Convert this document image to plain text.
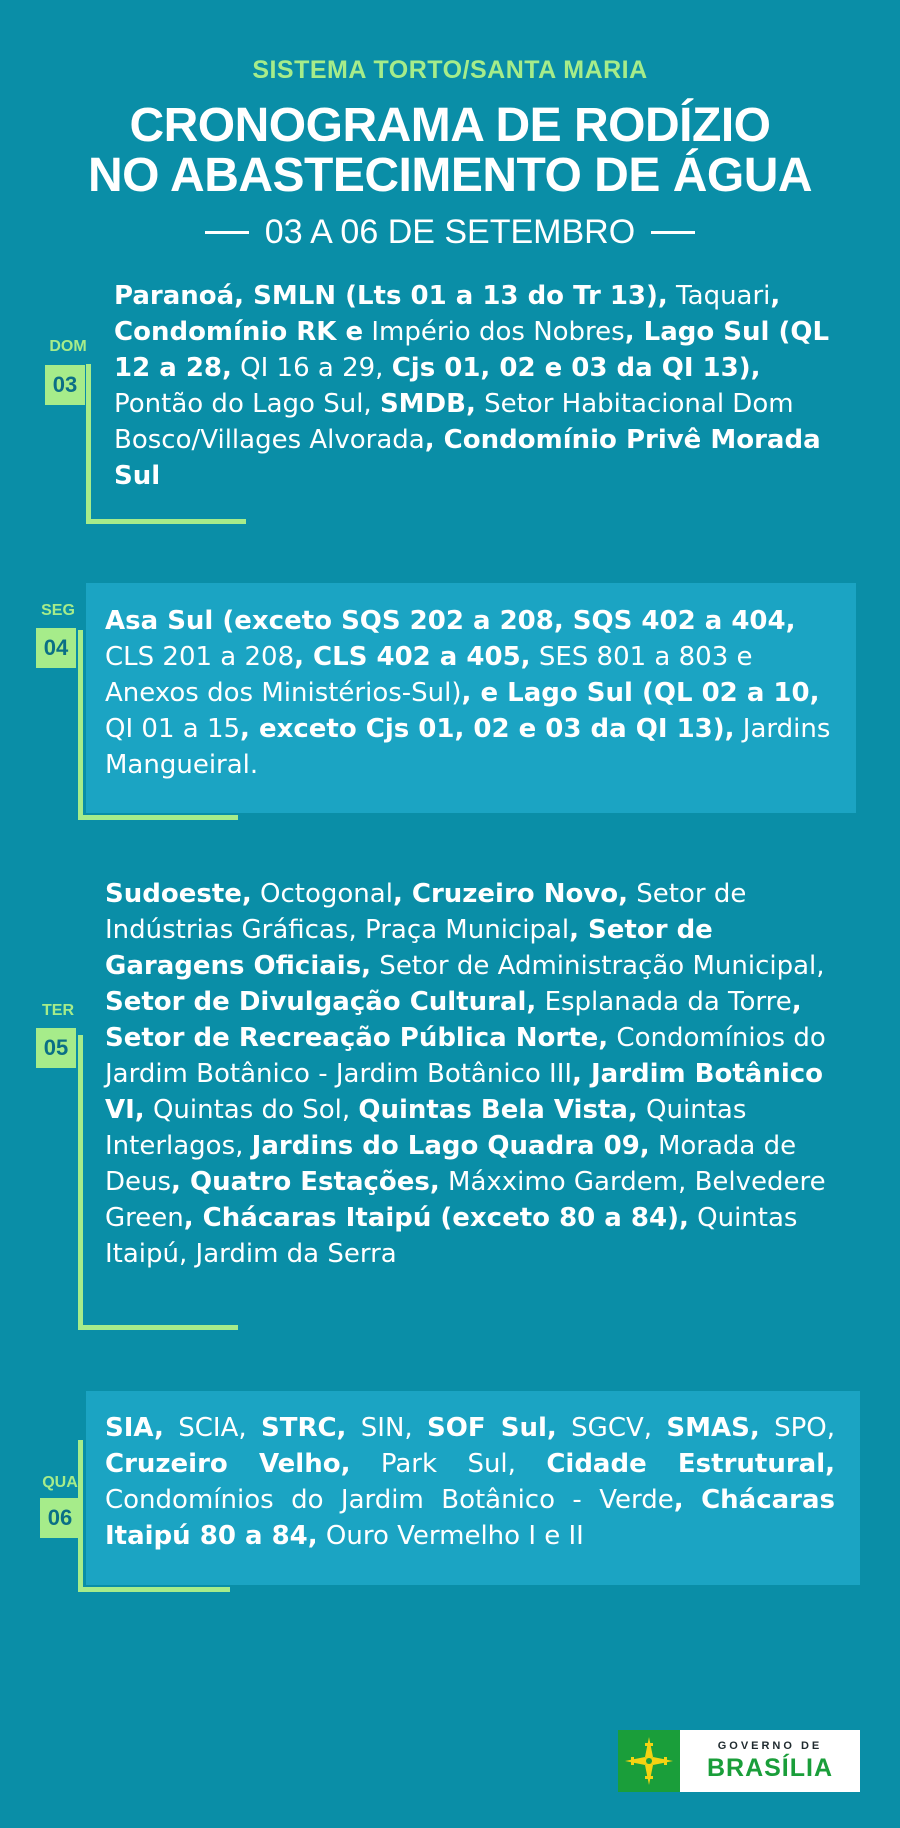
SISTEMA TORTO/SANTA MARIA
CRONOGRAMA DE RODÍZIO
NO ABASTECIMENTO DE ÁGUA
03 A 06 DE SETEMBRO
DOM
03
Paranoá, SMLN (Lts 01 a 13 do Tr 13), Taquari, Condomínio RK e Império dos Nobres, Lago Sul (QL 12 a 28, QI 16 a 29, Cjs 01, 02 e 03 da QI 13), Pontão do Lago Sul, SMDB, Setor Habitacional Dom Bosco/Villages Alvorada, Condomínio Privê Morada Sul
SEG
04
Asa Sul (exceto SQS 202 a 208, SQS 402 a 404, CLS 201 a 208, CLS 402 a 405, SES 801 a 803 e Anexos dos Ministérios-Sul), e Lago Sul (QL 02 a 10, QI 01 a 15, exceto Cjs 01, 02 e 03 da QI 13), Jardins Mangueiral.
TER
05
Sudoeste, Octogonal, Cruzeiro Novo, Setor de Indústrias Gráficas, Praça Municipal, Setor de Garagens Oficiais, Setor de Administração Municipal, Setor de Divulgação Cultural, Esplanada da Torre, Setor de Recreação Pública Norte, Condomínios do Jardim Botânico - Jardim Botânico III, Jardim Botânico VI, Quintas do Sol, Quintas Bela Vista, Quintas Interlagos, Jardins do Lago Quadra 09, Morada de Deus, Quatro Estações, Máxximo Gardem, Belvedere Green, Chácaras Itaipú (exceto 80 a 84), Quintas Itaipú, Jardim da Serra
QUA
06
SIA, SCIA, STRC, SIN, SOF Sul, SGCV, SMAS, SPO, Cruzeiro Velho, Park Sul, Cidade Estrutural, Condomínios do Jardim Botânico - Verde, Chácaras Itaipú 80 a 84, Ouro Vermelho I e II
GOVERNO DE
BRASÍLIA
